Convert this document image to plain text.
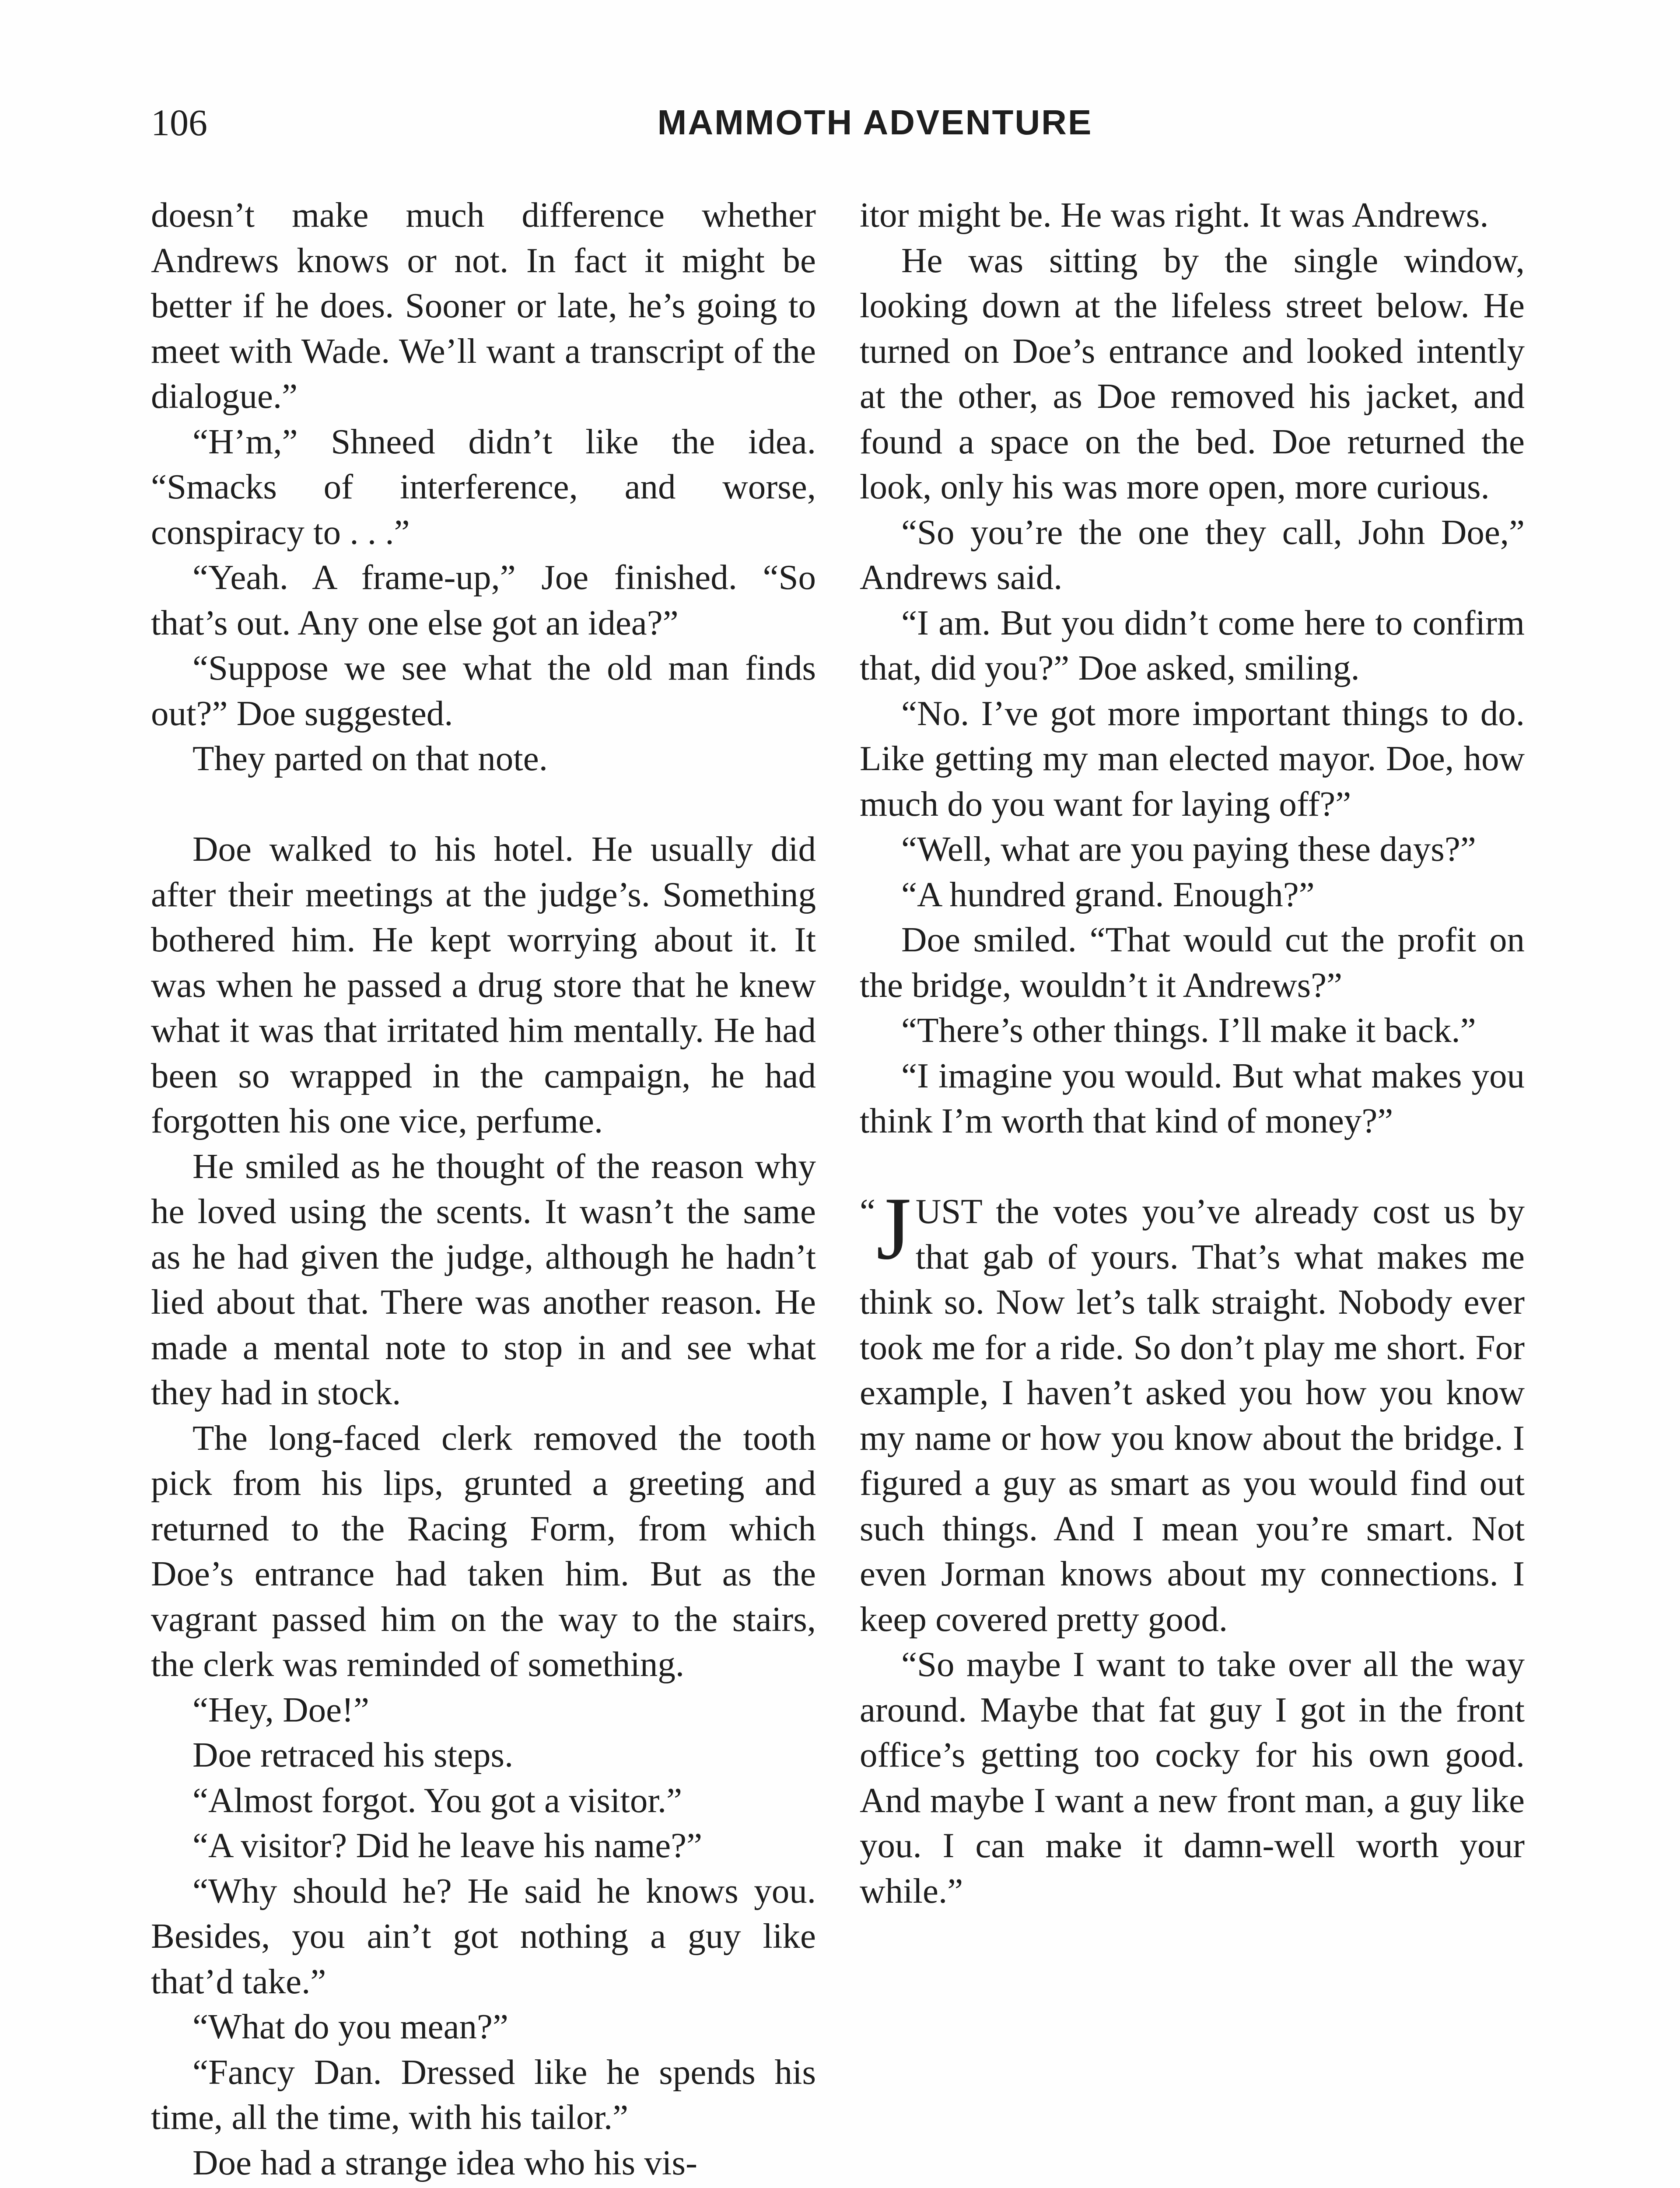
106	MAMMOTH ADVENTURE

doesn’t make much difference whether Andrews knows or not. In fact it might be better if he does. Sooner or late, he’s going to meet with Wade. We’ll want a transcript of the dialogue.”

“H’m,” Shneed didn’t like the idea. “Smacks of interference, and worse, conspiracy to . . .”

“Yeah. A frame-up,” Joe finished. “So that’s out. Any one else got an idea?”

“Suppose we see what the old man finds out?” Doe suggested.

They parted on that note.

Doe walked to his hotel. He usually did after their meetings at the judge’s. Something bothered him. He kept worrying about it. It was when he passed a drug store that he knew what it was that irritated him mentally. He had been so wrapped in the campaign, he had forgotten his one vice, perfume.

He smiled as he thought of the reason why he loved using the scents. It wasn’t the same as he had given the judge, although he hadn’t lied about that. There was another reason. He made a mental note to stop in and see what they had in stock.

The long-faced clerk removed the tooth pick from his lips, grunted a greeting and returned to the Racing Form, from which Doe’s entrance had taken him. But as the vagrant passed him on the way to the stairs, the clerk was reminded of something.

“Hey, Doe!”

Doe retraced his steps.

“Almost forgot. You got a visitor.”

“A visitor? Did he leave his name?”

“Why should he? He said he knows you. Besides, you ain’t got nothing a guy like that’d take.”

“What do you mean?”

“Fancy Dan. Dressed like he spends his time, all the time, with his tailor.”

Doe had a strange idea who his vis-

itor might be. He was right. It was Andrews.

He was sitting by the single window, looking down at the lifeless street below. He turned on Doe’s entrance and looked intently at the other, as Doe removed his jacket, and found a space on the bed. Doe returned the look, only his was more open, more curious.

“So you’re the one they call, John Doe,” Andrews said.

“I am. But you didn’t come here to confirm that, did you?” Doe asked, smiling.

“No. I’ve got more important things to do. Like getting my man elected mayor. Doe, how much do you want for laying off?”

“Well, what are you paying these days?”

“A hundred grand. Enough?”

Doe smiled. “That would cut the profit on the bridge, wouldn’t it Andrews?”

“There’s other things. I’ll make it back.”

“I imagine you would. But what makes you think I’m worth that kind of money?”

“ J UST the votes you’ve already cost us by that gab of yours. That’s what makes me think so. Now let’s talk straight. Nobody ever took me for a ride. So don’t play me short. For example, I haven’t asked you how you know my name or how you know about the bridge. I figured a guy as smart as you would find out such things. And I mean you’re smart. Not even Jorman knows about my connections. I keep covered pretty good.

“So maybe I want to take over all the way around. Maybe that fat guy I got in the front office’s getting too cocky for his own good. And maybe I want a new front man, a guy like you. I can make it damn-well worth your while.”
